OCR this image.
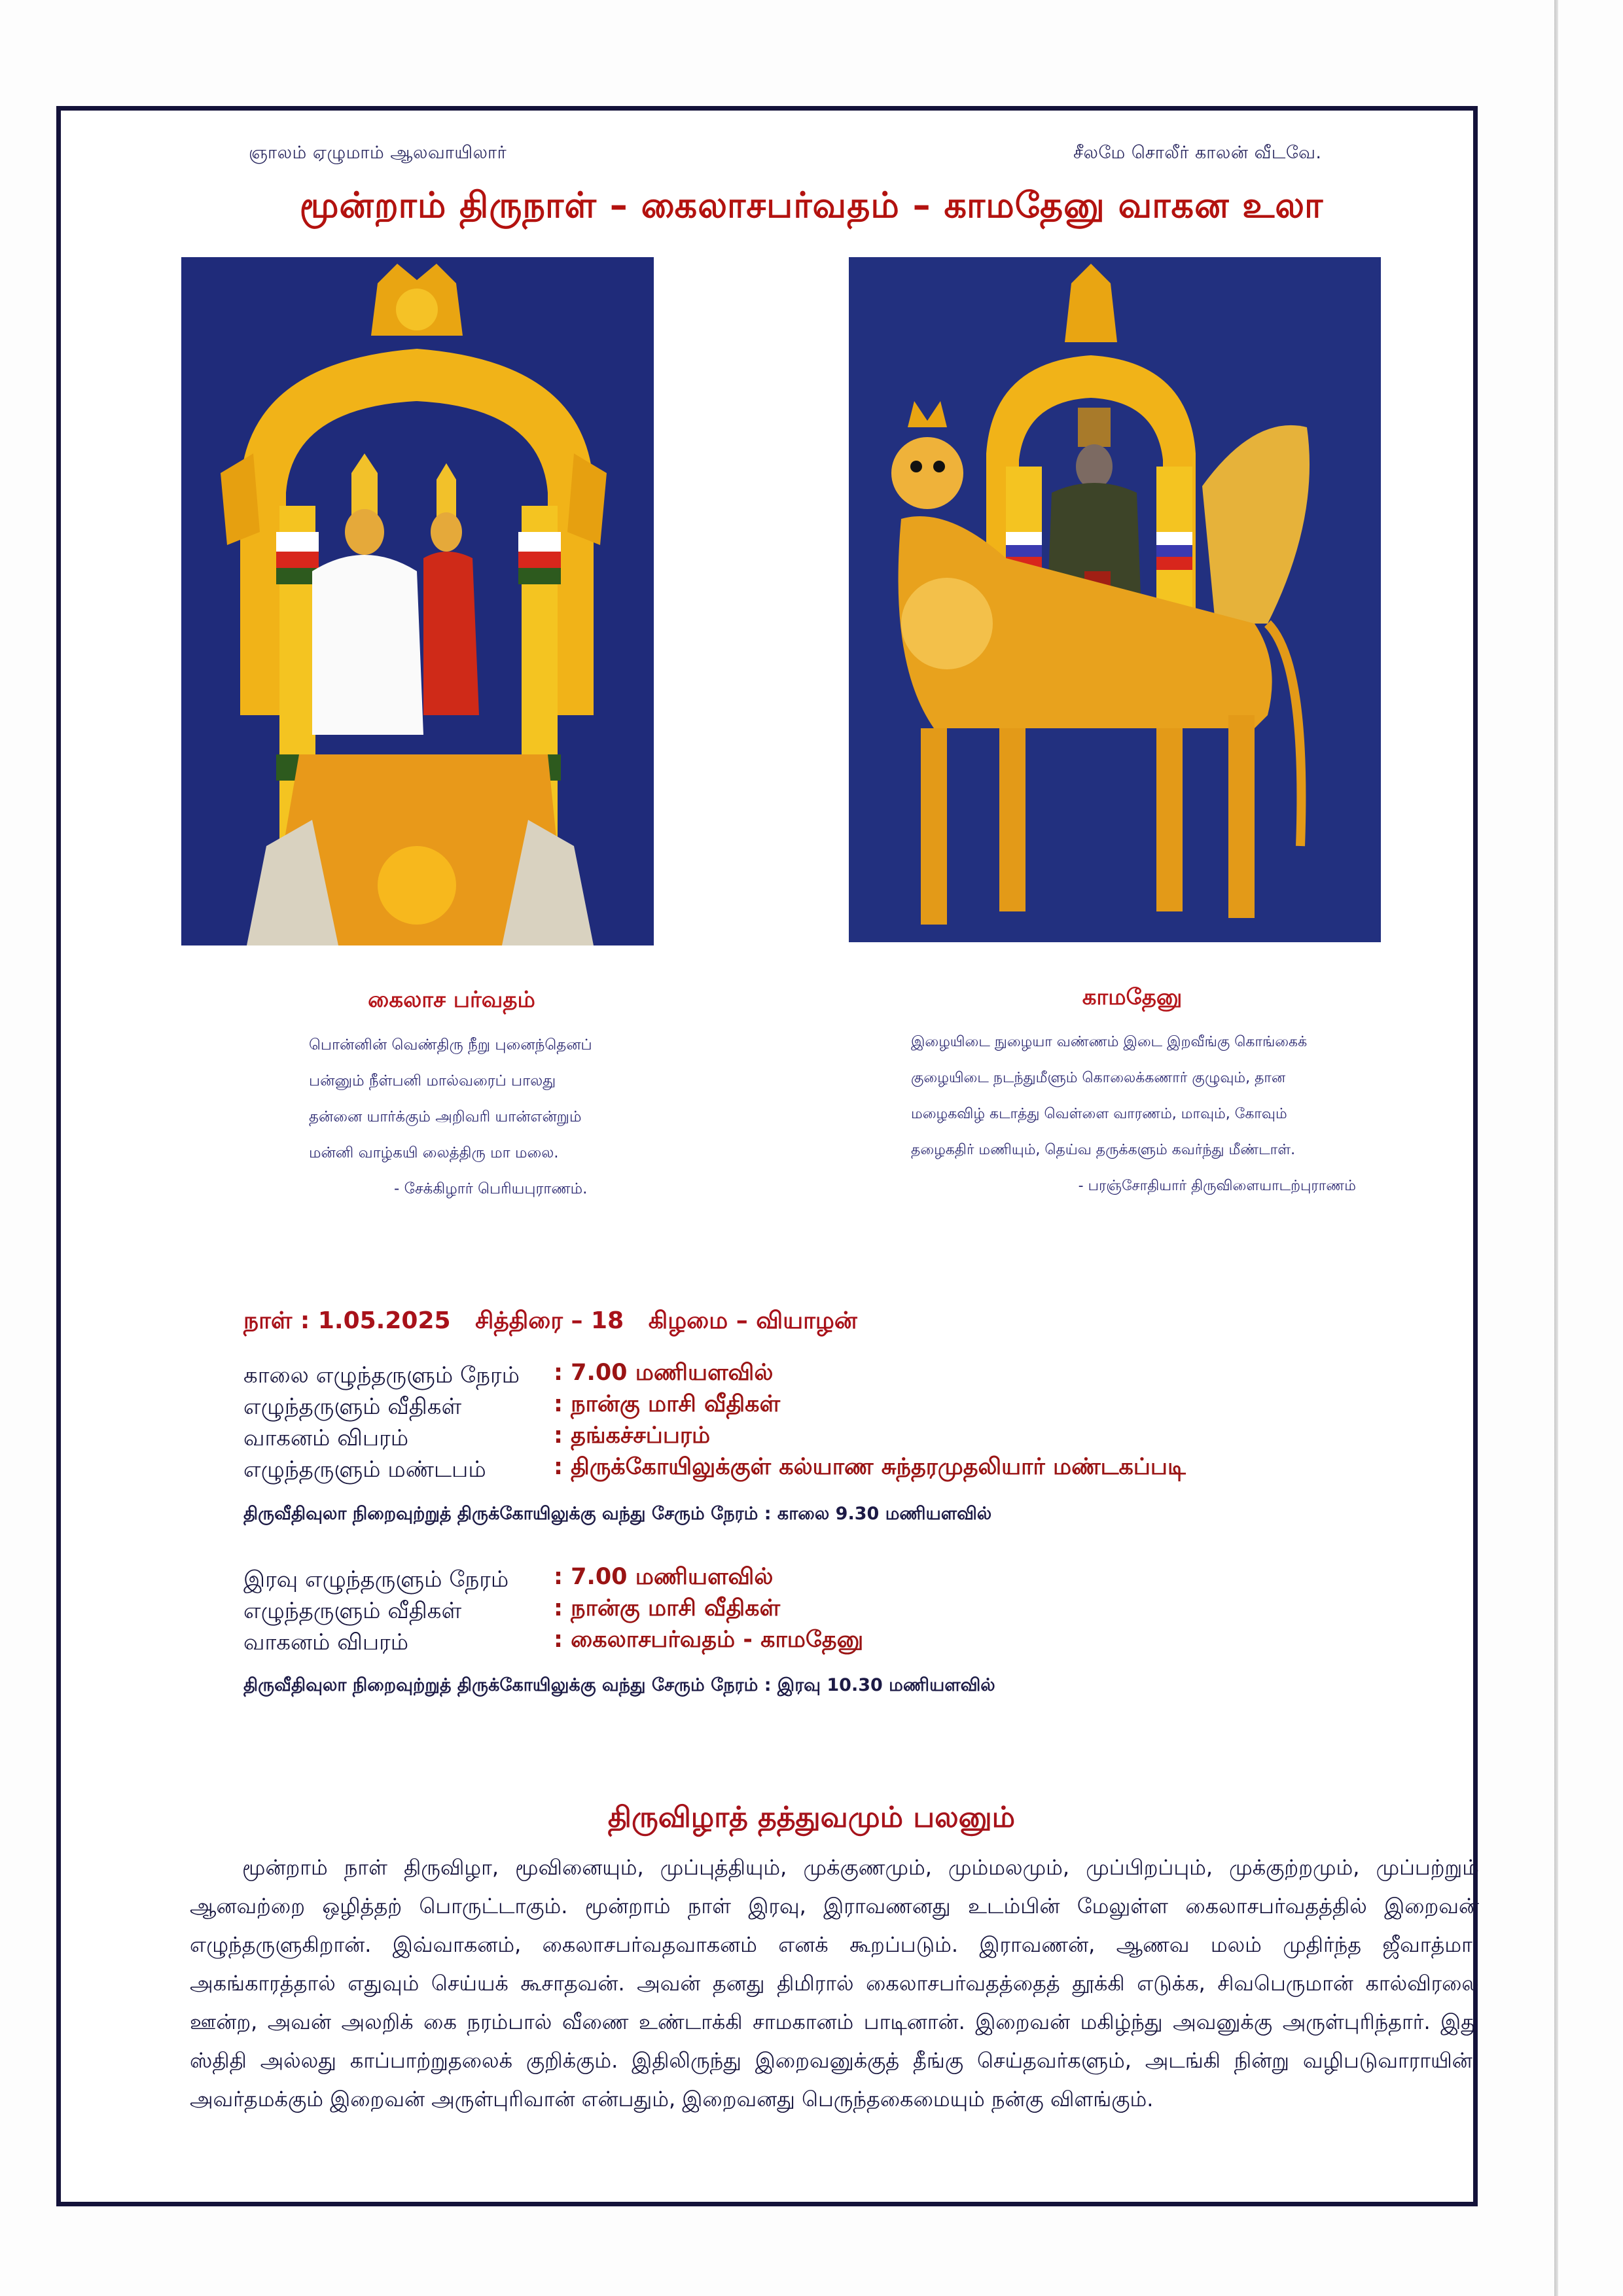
ஞாலம் ஏழுமாம் ஆலவாயிலார்	சீலமே சொலீர் காலன் வீடவே.
மூன்றாம் திருநாள் – கைலாசபர்வதம் – காமதேனு வாகன உலா
கைலாச பர்வதம்
பொன்னின் வெண்திரு நீறு புனைந்தெனப்
பன்னும் நீள்பனி மால்வரைப் பாலது
தன்னை யார்க்கும் அறிவரி யான்என்றும்
மன்னி வாழ்கயி லைத்திரு மா மலை.
- சேக்கிழார் பெரியபுராணம்.
காமதேனு
இழையிடை நுழையா வண்ணம் இடை இறவீங்கு கொங்கைக்
குழையிடை நடந்துமீளும் கொலைக்கணார் குழுவும், தான
மழைகவிழ் கடாத்து வெள்ளை வாரணம், மாவும், கோவும்
தழைகதிர் மணியும், தெய்வ தருக்களும் கவர்ந்து மீண்டாள்.
- பரஞ்சோதியார் திருவிளையாடற்புராணம்
நாள் : 1.05.2025   சித்திரை – 18   கிழமை – வியாழன்
காலை எழுந்தருளும் நேரம் : 7.00 மணியளவில்
எழுந்தருளும் வீதிகள்	: நான்கு மாசி வீதிகள்
வாகனம் விபரம்	: தங்கச்சப்பரம்
எழுந்தருளும் மண்டபம்	: திருக்கோயிலுக்குள் கல்யாண சுந்தரமுதலியார் மண்டகப்படி
திருவீதிவுலா நிறைவுற்றுத் திருக்கோயிலுக்கு வந்து சேரும் நேரம் : காலை 9.30 மணியளவில்
இரவு எழுந்தருளும் நேரம் : 7.00 மணியளவில்
எழுந்தருளும் வீதிகள்	: நான்கு மாசி வீதிகள்
வாகனம் விபரம்	: கைலாசபர்வதம் - காமதேனு
திருவீதிவுலா நிறைவுற்றுத் திருக்கோயிலுக்கு வந்து சேரும் நேரம் : இரவு 10.30 மணியளவில்
திருவிழாத் தத்துவமும் பலனும்
மூன்றாம் நாள் திருவிழா, மூவினையும், முப்புத்தியும், முக்குணமும், மும்மலமும், முப்பிறப்பும், முக்குற்றமும், முப்பற்றும் ஆனவற்றை ஒழித்தற் பொருட்டாகும். மூன்றாம் நாள் இரவு, இராவணனது உடம்பின் மேலுள்ள கைலாசபர்வதத்தில் இறைவன் எழுந்தருளுகிறான். இவ்வாகனம், கைலாசபர்வதவாகனம் எனக் கூறப்படும். இராவணன், ஆணவ மலம் முதிர்ந்த ஜீவாத்மா. அகங்காரத்தால் எதுவும் செய்யக் கூசாதவன். அவன் தனது திமிரால் கைலாசபர்வதத்தைத் தூக்கி எடுக்க, சிவபெருமான் கால்விரலை ஊன்ற, அவன் அலறிக் கை நரம்பால் வீணை உண்டாக்கி சாமகானம் பாடினான். இறைவன் மகிழ்ந்து அவனுக்கு அருள்புரிந்தார். இது ஸ்திதி அல்லது காப்பாற்றுதலைக் குறிக்கும். இதிலிருந்து இறைவனுக்குத் தீங்கு செய்தவர்களும், அடங்கி நின்று வழிபடுவாராயின், அவர்தமக்கும் இறைவன் அருள்புரிவான் என்பதும், இறைவனது பெருந்தகைமையும் நன்கு விளங்கும்.
